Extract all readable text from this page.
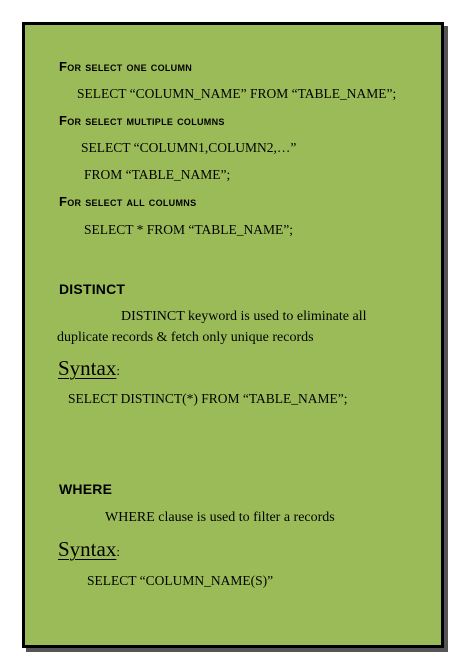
For select one column
SELECT “COLUMN_NAME” FROM “TABLE_NAME”;
For select multiple columns
SELECT “COLUMN1,COLUMN2,…”
FROM “TABLE_NAME”;
For select all columns
SELECT * FROM “TABLE_NAME”;
DISTINCT
DISTINCT keyword is used to eliminate all
duplicate records & fetch only unique records
Syntax:
SELECT DISTINCT(*) FROM “TABLE_NAME”;
WHERE
WHERE clause is used to filter a records
Syntax:
SELECT “COLUMN_NAME(S)”
